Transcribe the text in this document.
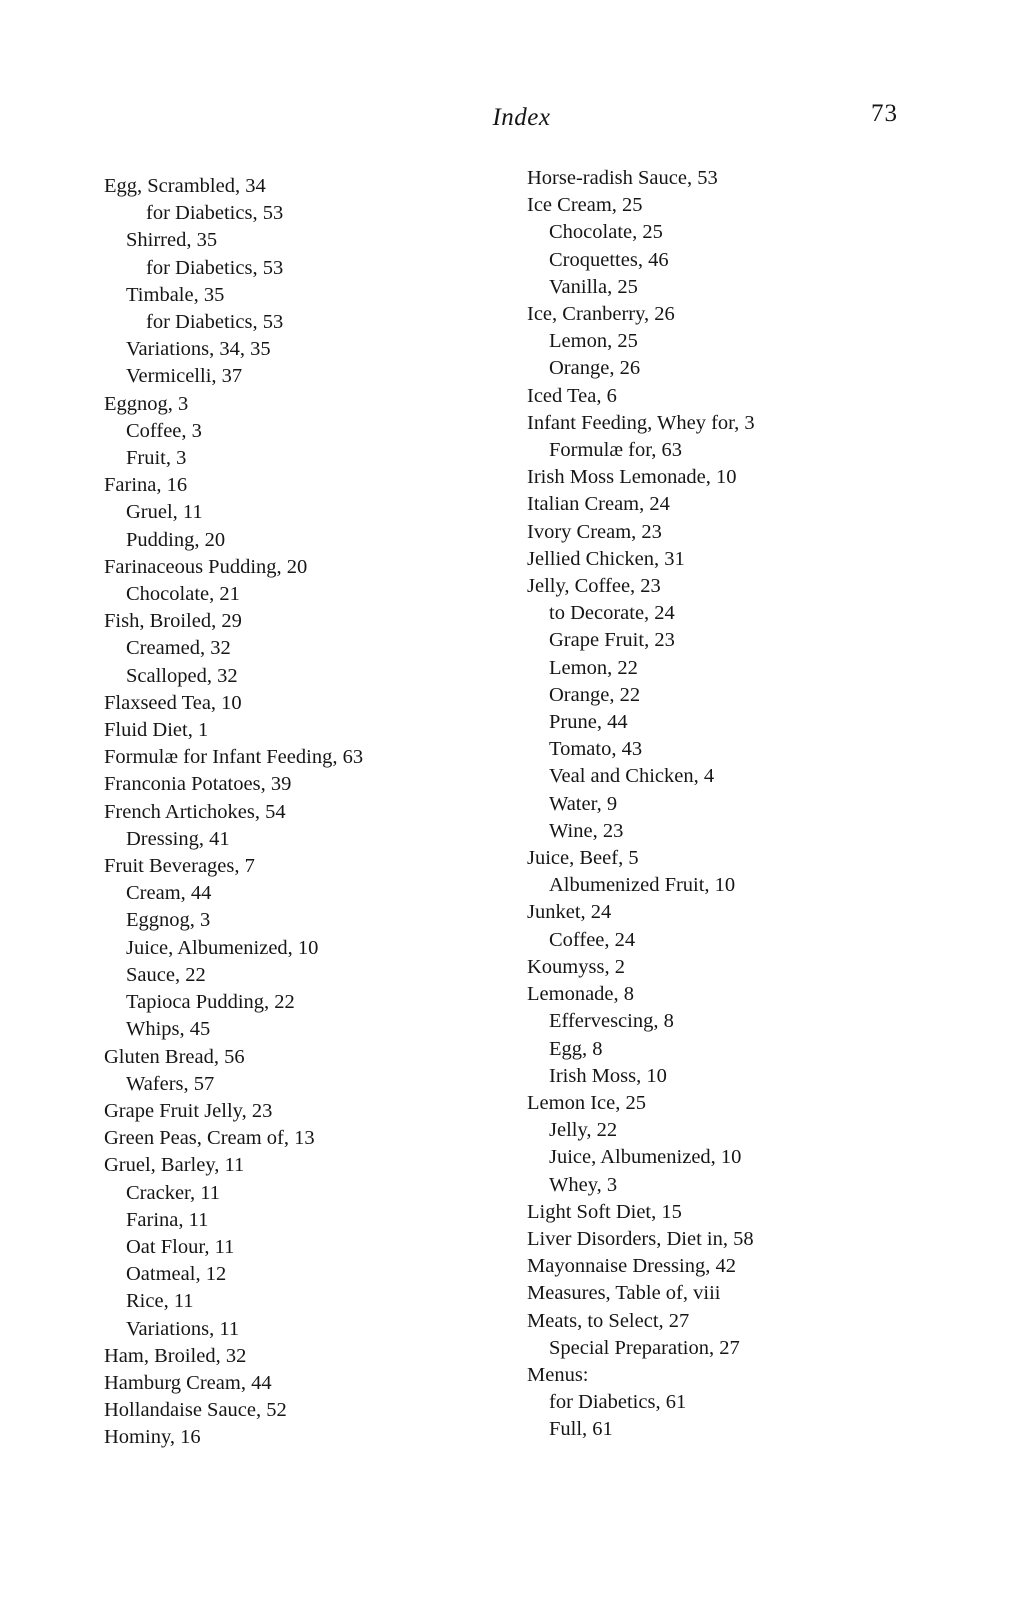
Index	73
Egg, Scrambled, 34
for Diabetics, 53
Shirred, 35
for Diabetics, 53
Timbale, 35
for Diabetics, 53
Variations, 34, 35
Vermicelli, 37
Eggnog, 3
Coffee, 3
Fruit, 3
Farina, 16
Gruel, 11
Pudding, 20
Farinaceous Pudding, 20
Chocolate, 21
Fish, Broiled, 29
Creamed, 32
Scalloped, 32
Flaxseed Tea, 10
Fluid Diet, 1
Formulæ for Infant Feeding, 63
Franconia Potatoes, 39
French Artichokes, 54
Dressing, 41
Fruit Beverages, 7
Cream, 44
Eggnog, 3
Juice, Albumenized, 10
Sauce, 22
Tapioca Pudding, 22
Whips, 45
Gluten Bread, 56
Wafers, 57
Grape Fruit Jelly, 23
Green Peas, Cream of, 13
Gruel, Barley, 11
Cracker, 11
Farina, 11
Oat Flour, 11
Oatmeal, 12
Rice, 11
Variations, 11
Ham, Broiled, 32
Hamburg Cream, 44
Hollandaise Sauce, 52
Hominy, 16
Horse-radish Sauce, 53
Ice Cream, 25
Chocolate, 25
Croquettes, 46
Vanilla, 25
Ice, Cranberry, 26
Lemon, 25
Orange, 26
Iced Tea, 6
Infant Feeding, Whey for, 3
Formulæ for, 63
Irish Moss Lemonade, 10
Italian Cream, 24
Ivory Cream, 23
Jellied Chicken, 31
Jelly, Coffee, 23
to Decorate, 24
Grape Fruit, 23
Lemon, 22
Orange, 22
Prune, 44
Tomato, 43
Veal and Chicken, 4
Water, 9
Wine, 23
Juice, Beef, 5
Albumenized Fruit, 10
Junket, 24
Coffee, 24
Koumyss, 2
Lemonade, 8
Effervescing, 8
Egg, 8
Irish Moss, 10
Lemon Ice, 25
Jelly, 22
Juice, Albumenized, 10
Whey, 3
Light Soft Diet, 15
Liver Disorders, Diet in, 58
Mayonnaise Dressing, 42
Measures, Table of, viii
Meats, to Select, 27
Special Preparation, 27
Menus:
for Diabetics, 61
Full, 61
